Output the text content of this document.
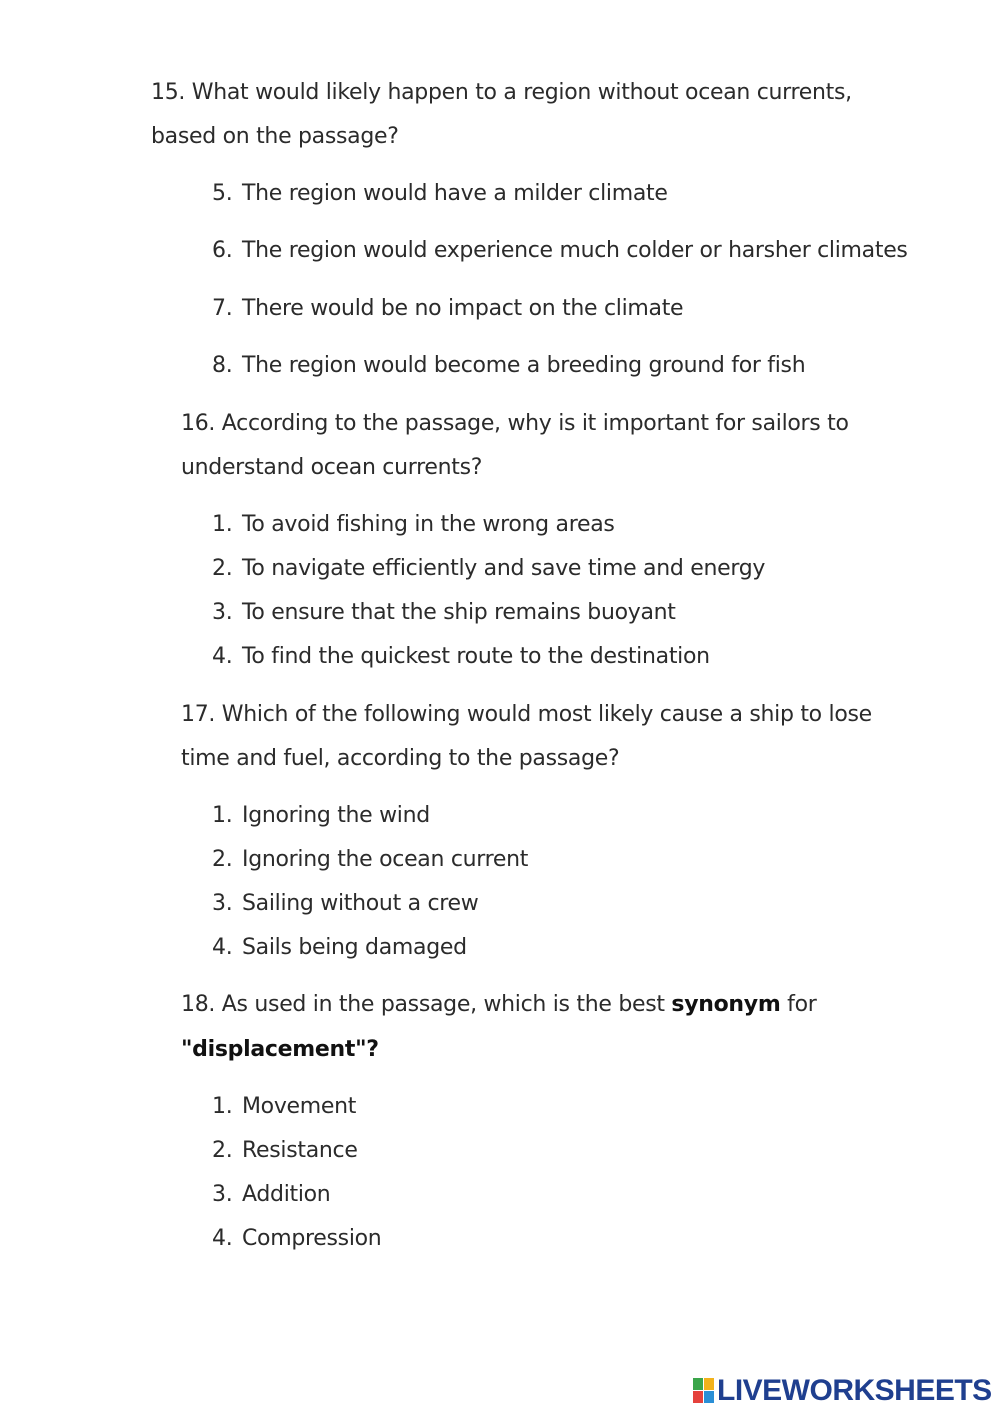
15. What would likely happen to a region without ocean currents,
based on the passage?
5. The region would have a milder climate
6. The region would experience much colder or harsher climates
7. There would be no impact on the climate
8. The region would become a breeding ground for fish
16. According to the passage, why is it important for sailors to
understand ocean currents?
1. To avoid fishing in the wrong areas
2. To navigate efficiently and save time and energy
3. To ensure that the ship remains buoyant
4. To find the quickest route to the destination
17. Which of the following would most likely cause a ship to lose
time and fuel, according to the passage?
1. Ignoring the wind
2. Ignoring the ocean current
3. Sailing without a crew
4. Sails being damaged
18. As used in the passage, which is the best synonym for
"displacement"?
1. Movement
2. Resistance
3. Addition
4. Compression
LIVEWORKSHEETS
